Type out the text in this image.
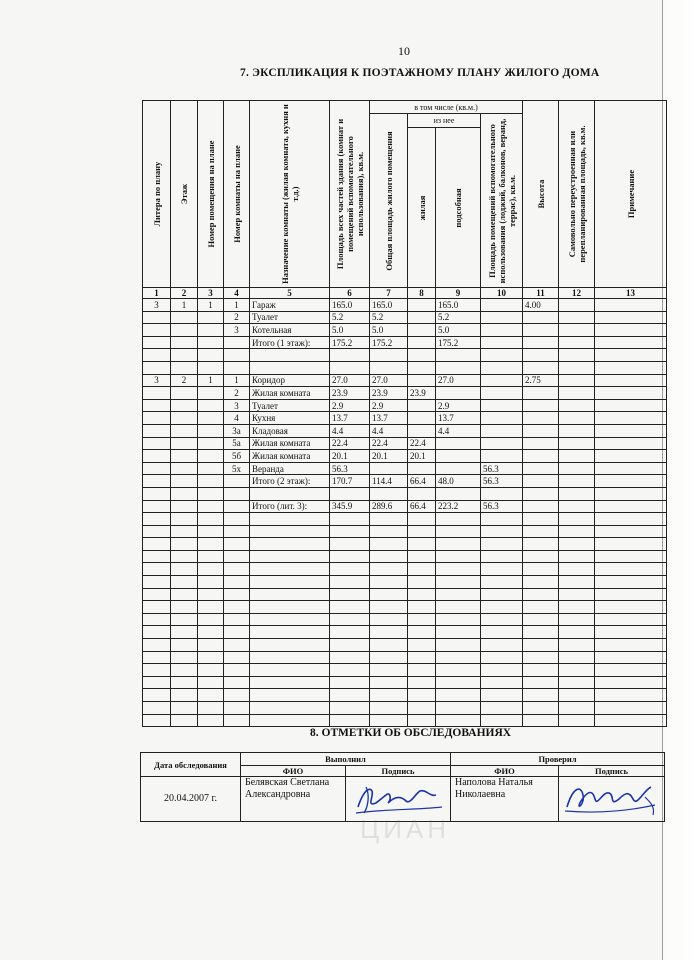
10
7. ЭКСПЛИКАЦИЯ К ПОЭТАЖНОМУ ПЛАНУ ЖИЛОГО ДОМА
Литера по плану	Этаж	Номер помещения на плане	Номер комнаты на плане	Назначение комнаты (жилая комната, кухня и т.д.)	Площадь всех частей здания (комнат и помещений вспомогательного использования), кв.м.	в том числе (кв.м.)				Высота	Самовольно переустроенная или перепланированная площадь, кв.м.	Примечание

						Общая площадь жилого помещения	из нее		Площадь помещений вспомогательного использования (лоджий, балконов, веранд, террас), кв.м.			

							жилая	подсобная				

1	2	3	4	5	6	7	8	9	10	11	12	13
3	1	1	1	Гараж	165.0	165.0		165.0		4.00		
			2	Туалет	5.2	5.2		5.2				
			3	Котельная	5.0	5.0		5.0				
				Итого (1 этаж):	175.2	175.2		175.2				

3	2	1	1	Коридор	27.0	27.0		27.0		2.75		
			2	Жилая комната	23.9	23.9	23.9					
			3	Туалет	2.9	2.9		2.9				
			4	Кухня	13.7	13.7		13.7				
			3а	Кладовая	4.4	4.4		4.4				
			5а	Жилая комната	22.4	22.4	22.4					
			5б	Жилая комната	20.1	20.1	20.1					
			5х	Веранда	56.3				56.3			
				Итого (2 этаж):	170.7	114.4	66.4	48.0	56.3			

				Итого (лит. 3):	345.9	289.6	66.4	223.2	56.3			

8. ОТМЕТКИ ОБ ОБСЛЕДОВАНИЯХ
Дата обследования	Выполнил		Проверил	
	ФИО	Подпись	ФИО	Подпись
20.04.2007 г.	Белявская Светлана Александровна		Наполова Наталья Николаевна	
ЦИАН
